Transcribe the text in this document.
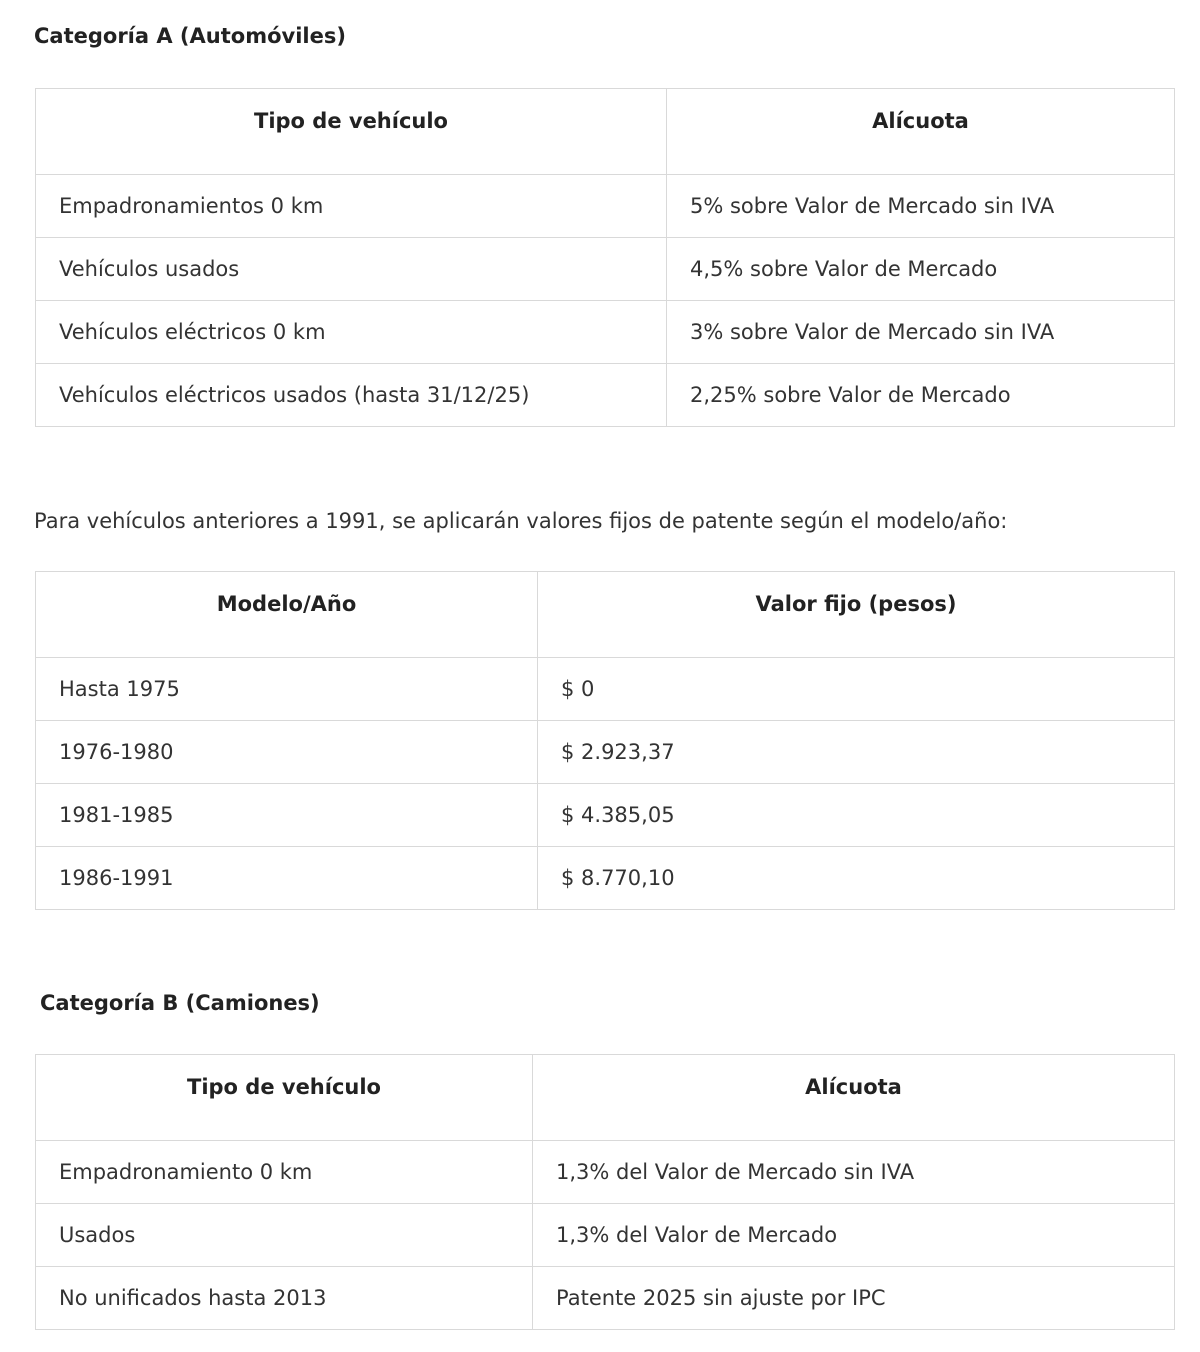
Categoría A (Automóviles)
Tipo de vehículo	Alícuota
Empadronamientos 0 km	5% sobre Valor de Mercado sin IVA
Vehículos usados	4,5% sobre Valor de Mercado
Vehículos eléctricos 0 km	3% sobre Valor de Mercado sin IVA
Vehículos eléctricos usados (hasta 31/12/25)	2,25% sobre Valor de Mercado

Para vehículos anteriores a 1991, se aplicarán valores fijos de patente según el modelo/año:

Modelo/Año	Valor fijo (pesos)
Hasta 1975	$ 0
1976-1980	$ 2.923,37
1981-1985	$ 4.385,05
1986-1991	$ 8.770,10
Categoría B (Camiones)
Tipo de vehículo	Alícuota
Empadronamiento 0 km	1,3% del Valor de Mercado sin IVA
Usados	1,3% del Valor de Mercado
No unificados hasta 2013	Patente 2025 sin ajuste por IPC
